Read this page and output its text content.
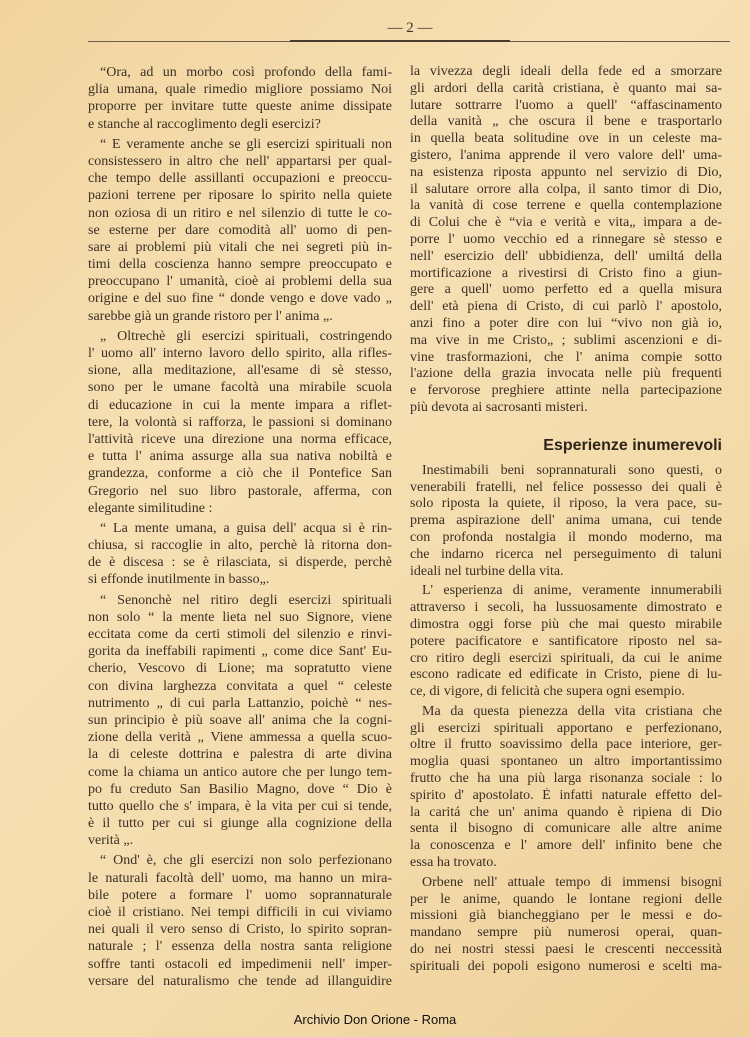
— 2 —
“Ora, ad un morbo così profondo della fami-
glia umana, quale rimedio migliore possiamo Noi
proporre per invitare tutte queste anime dissipate
e stanche al raccoglimento degli esercizi?
“ E veramente anche se gli esercizi spirituali non
consistessero in altro che nell' appartarsi per qual-
che tempo delle assillanti occupazioni e preoccu-
pazioni terrene per riposare lo spirito nella quiete
non oziosa di un ritiro e nel silenzio di tutte le co-
se esterne per dare comodità all' uomo di pen-
sare ai problemi più vitali che nei segreti più in-
timi della coscienza hanno sempre preoccupato e
preoccupano l' umanità, cioè ai problemi della sua
origine e del suo fine “ donde vengo e dove vado „
sarebbe già un grande ristoro per l' anima „.
„ Oltrechè gli esercizi spirituali, costringendo
l' uomo all' interno lavoro dello spirito, alla rifles-
sione, alla meditazione, all'esame di sè stesso,
sono per le umane facoltà una mirabile scuola
di educazione in cui la mente impara a riflet-
tere, la volontà si rafforza, le passioni si dominano
l'attività riceve una direzione una norma efficace,
e tutta l' anima assurge alla sua nativa nobiltà e
grandezza, conforme a ciò che il Pontefice San
Gregorio nel suo libro pastorale, afferma, con
elegante similitudine :
“ La mente umana, a guisa dell' acqua si è rin-
chiusa, si raccoglie in alto, perchè là ritorna don-
de è discesa : se è rilasciata, si disperde, perchè
si effonde inutilmente in basso„.
“ Senonchè nel ritiro degli esercizi spirituali
non solo “ la mente lieta nel suo Signore, viene
eccitata come da certi stimoli del silenzio e rinvi-
gorita da ineffabili rapimenti „ come dice Sant' Eu-
cherio, Vescovo di Lione; ma sopratutto viene
con divina larghezza convitata a quel “ celeste
nutrimento „ di cui parla Lattanzio, poichè “ nes-
sun principio è più soave all' anima che la cogni-
zione della verità „ Viene ammessa a quella scuo-
la di celeste dottrina e palestra di arte divina
come la chiama un antico autore che per lungo tem-
po fu creduto San Basilio Magno, dove “ Dio è
tutto quello che s' impara, è la vita per cui si tende,
è il tutto per cui si giunge alla cognizione della
verità „.
“ Ond' è, che gli esercizi non solo perfezionano
le naturali facoltà dell' uomo, ma hanno un mira-
bile potere a formare l' uomo soprannaturale
cioè il cristiano. Nei tempi difficili in cui viviamo
nei quali il vero senso di Cristo, lo spirito sopran-
naturale ; l' essenza della nostra santa religione
soffre tanti ostacoli ed impedimenii nell' imper-
versare del naturalismo che tende ad illanguidire
la vivezza degli ideali della fede ed a smorzare
gli ardori della carità cristiana, è quanto mai sa-
lutare sottrarre l'uomo a quell' “affascinamento
della vanità „ che oscura il bene e trasportarlo
in quella beata solitudine ove in un celeste ma-
gistero, l'anima apprende il vero valore dell' uma-
na esistenza riposta appunto nel servizio di Dio,
il salutare orrore alla colpa, il santo timor di Dio,
la vanità di cose terrene e quella contemplazione
di Colui che è “via e verità e vita„ impara a de-
porre l' uomo vecchio ed a rinnegare sè stesso e
nell' esercizio dell' ubbidienza, dell' umiltá della
mortificazione a rivestirsi di Cristo fino a giun-
gere a quell' uomo perfetto ed a quella misura
dell' età piena di Cristo, di cui parlò l' apostolo,
anzi fino a poter dire con lui “vivo non già io,
ma vive in me Cristo„ ; sublimi ascenzioni e di-
vine trasformazioni, che l' anima compie sotto
l'azione della grazia invocata nelle più frequenti
e fervorose preghiere attinte nella partecipazione
più devota ai sacrosanti misteri.
Esperienze inumerevoli
Inestimabili beni soprannaturali sono questi, o
venerabili fratelli, nel felice possesso dei quali è
solo riposta la quiete, il riposo, la vera pace, su-
prema aspirazione dell' anima umana, cui tende
con profonda nostalgia il mondo moderno, ma
che indarno ricerca nel perseguimento di taluni
ideali nel turbine della vita.
L' esperienza di anime, veramente innumerabili
attraverso i secoli, ha lussuosamente dimostrato e
dimostra oggi forse più che mai questo mirabile
potere pacificatore e santificatore riposto nel sa-
cro ritiro degli esercizi spirituali, da cui le anime
escono radicate ed edificate in Cristo, piene di lu-
ce, di vigore, di felicità che supera ogni esempio.
Ma da questa pienezza della vita cristiana che
gli esercizi spirituali apportano e perfezionano,
oltre il frutto soavissimo della pace interiore, ger-
moglia quasi spontaneo un altro importantissimo
frutto che ha una più larga risonanza sociale : lo
spirito d' apostolato. È infatti naturale effetto del-
la caritá che un' anima quando è ripiena di Dio
senta il bisogno di comunicare alle altre anime
la conoscenza e l' amore dell' infinito bene che
essa ha trovato.
Orbene nell' attuale tempo di immensi bisogni
per le anime, quando le lontane regioni delle
missioni già biancheggiano per le messi e do-
mandano sempre più numerosi operai, quan-
do nei nostri stessi paesi le crescenti neccessità
spirituali dei popoli esigono numerosi e scelti ma-
Archivio Don Orione - Roma
